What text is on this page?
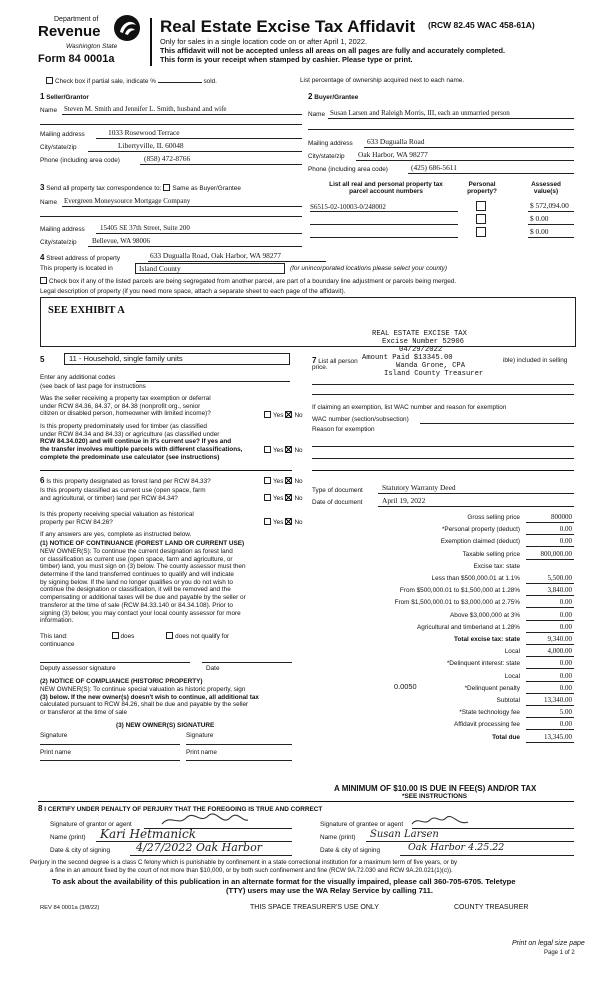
Department of
Revenue
Washington State
Form 84 0001a
Real Estate Excise Tax Affidavit (RCW 82.45 WAC 458-61A)
Only for sales in a single location code on or after April 1, 2022.
This affidavit will not be accepted unless all areas on all pages are fully and accurately completed.
This form is your receipt when stamped by cashier. Please type or print.
Check box if partial sale, indicate %	sold.	List percentage of ownership acquired next to each name.
1 Seller/Grantor
Name Steven M. Smith and Jennifer L. Smith, husband and wife
Mailing address	1033 Rosewood Terrace
City/state/zip	Libertyville, IL 60048
Phone (including area code)	(858) 472-8766
2 Buyer/Grantee
Name Susan Larsen and Raleigh Morris, III, each an unmarried person
Mailing address 633 Duguallа Road
City/state/zip Oak Harbor, WA 98277
Phone (including area code)	(425) 686-5611
3 Send all property tax correspondence to: Same as Buyer/Grantee
Name Evergreen Moneysource Mortgage Company
Mailing address 15405 SE 37th Street, Suite 200
City/state/zip Bellevue, WA 98006
List all real and personal property tax
parcel account numbers
Personal
property?
Assessed
value(s)
S6515-02-10003-0/248002	$ 572,094.00
$ 0.00
$ 0.00
4 Street address of property	633 Duguallа Road, Oak Harbor, WA 98277
This property is located in	Island County	(for unincorporated locations please select your county)
Check box if any of the listed parcels are being segregated from another parcel, are part of a boundary line adjustment or parcels being merged.
Legal description of property (if you need more space, attach a separate sheet to each page of the affidavit).
SEE EXHIBIT A
REAL ESTATE EXCISE TAX
Excise Number 52906
04/29/2022
5	11 - Household, single family units	7 List all person
price.
Amount Paid $13345.00	ible) included in selling
Wanda Grone, CPA
Island County Treasurer
Enter any additional codes
(see back of last page for instructions
Was the seller receiving a property tax exemption or deferral
under RCW 84.36, 84.37, or 84.38 (nonprofit org., senior
citizen or disabled person, homeowner with limited income)?	Yes No
Is this property predominately used for timber (as classified
under RCW 84.34 and 84.33) or agriculture (as classified under
RCW 84.34.020) and will continue in it's current use? If yes and
the transfer involves multiple parcels with different classifications,
complete the predominate use calculator (see instructions)
Yes No
If claiming an exemption, list WAC number and reason for exemption
WAC number (section/subsection)
Reason for exemption
6 Is this property designated as forest land per RCW 84.33?	Yes No
Is this property classified as current use (open space, farm
and agricultural, or timber) land per RCW 84.34?	Yes No
Is this property receiving special valuation as historical
property per RCW 84.26?	Yes No
If any answers are yes, complete as instructed below.
(1) NOTICE OF CONTINUANCE (FOREST LAND OR CURRENT USE)
NEW OWNER(S): To continue the current designation as forest land
or classification as current use (open space, farm and agriculture, or
timber) land, you must sign on (3) below. The county assessor must then
determine if the land transferred continues to qualify and will indicate
by signing below. If the land no longer qualifies or you do not wish to
continue the designation or classification, it will be removed and the
compensating or additional taxes will be due and payable by the seller or
transferor at the time of sale (RCW 84.33.140 or 84.34.108). Prior to
signing (3) below, you may contact your local county assessor for more
information.
This land:	does	does not qualify for
continuance
Deputy assessor signature	Date
(2) NOTICE OF COMPLIANCE (HISTORIC PROPERTY)
NEW OWNER(S): To continue special valuation as historic property, sign
(3) below. If the new owner(s) doesn't wish to continue, all additional tax
calculated pursuant to RCW 84.26, shall be due and payable by the seller
or transferor at the time of sale
(3) NEW OWNER(S) SIGNATURE
Signature	Signature
Print name	Print name
Type of document	Statutory Warranty Deed
Date of document	April 19, 2022
Gross selling price	800000
*Personal property (deduct)	0.00
Exemption claimed (deduct)	0.00
Taxable selling price	800,000.00
Excise tax: state
Less than $500,000.01 at 1.1%	5,500.00
From $500,000.01 to $1,500,000 at 1.28%	3,840.00
From $1,500,000.01 to $3,000,000 at 2.75%	0.00
Above $3,000,000 at 3%	0.00
Agricultural and timberland at 1.28%	0.00
Total excise tax: state	9,340.00
Local	4,000.00
*Delinquent interest: state	0.00
Local	0.00
*Delinquent penalty	0.00
Subtotal	13,340.00
*State technology fee	5.00
Affidavit processing fee	0.00
Total due	13,345.00
0.0050
A MINIMUM OF $10.00 IS DUE IN FEE(S) AND/OR TAX
*SEE INSTRUCTIONS
8 I CERTIFY UNDER PENALTY OF PERJURY THAT THE FOREGOING IS TRUE AND CORRECT
Signature of grantor or agent
Name (print) Kari Hetmanick
Date & city of signing 4/27/2022 Oak Harbor
Signature of grantee or agent
Name (print) Susan Larsen
Date & city of signing	Oak Harbor 4.25.22
Perjury in the second degree is a class C felony which is punishable by confinement in a state correctional institution for a maximum term of five years, or by
a fine in an amount fixed by the court of not more than $10,000, or by both such confinement and fine (RCW 9A.72.030 and RCW 9A.20.021(1)(c)).
To ask about the availability of this publication in an alternate format for the visually impaired, please call 360-705-6705. Teletype
(TTY) users may use the WA Relay Service by calling 711.
REV 84 0001a (3/8/22)	THIS SPACE TREASURER'S USE ONLY	COUNTY TREASURER
Print on legal size pape
Page 1 of 2
